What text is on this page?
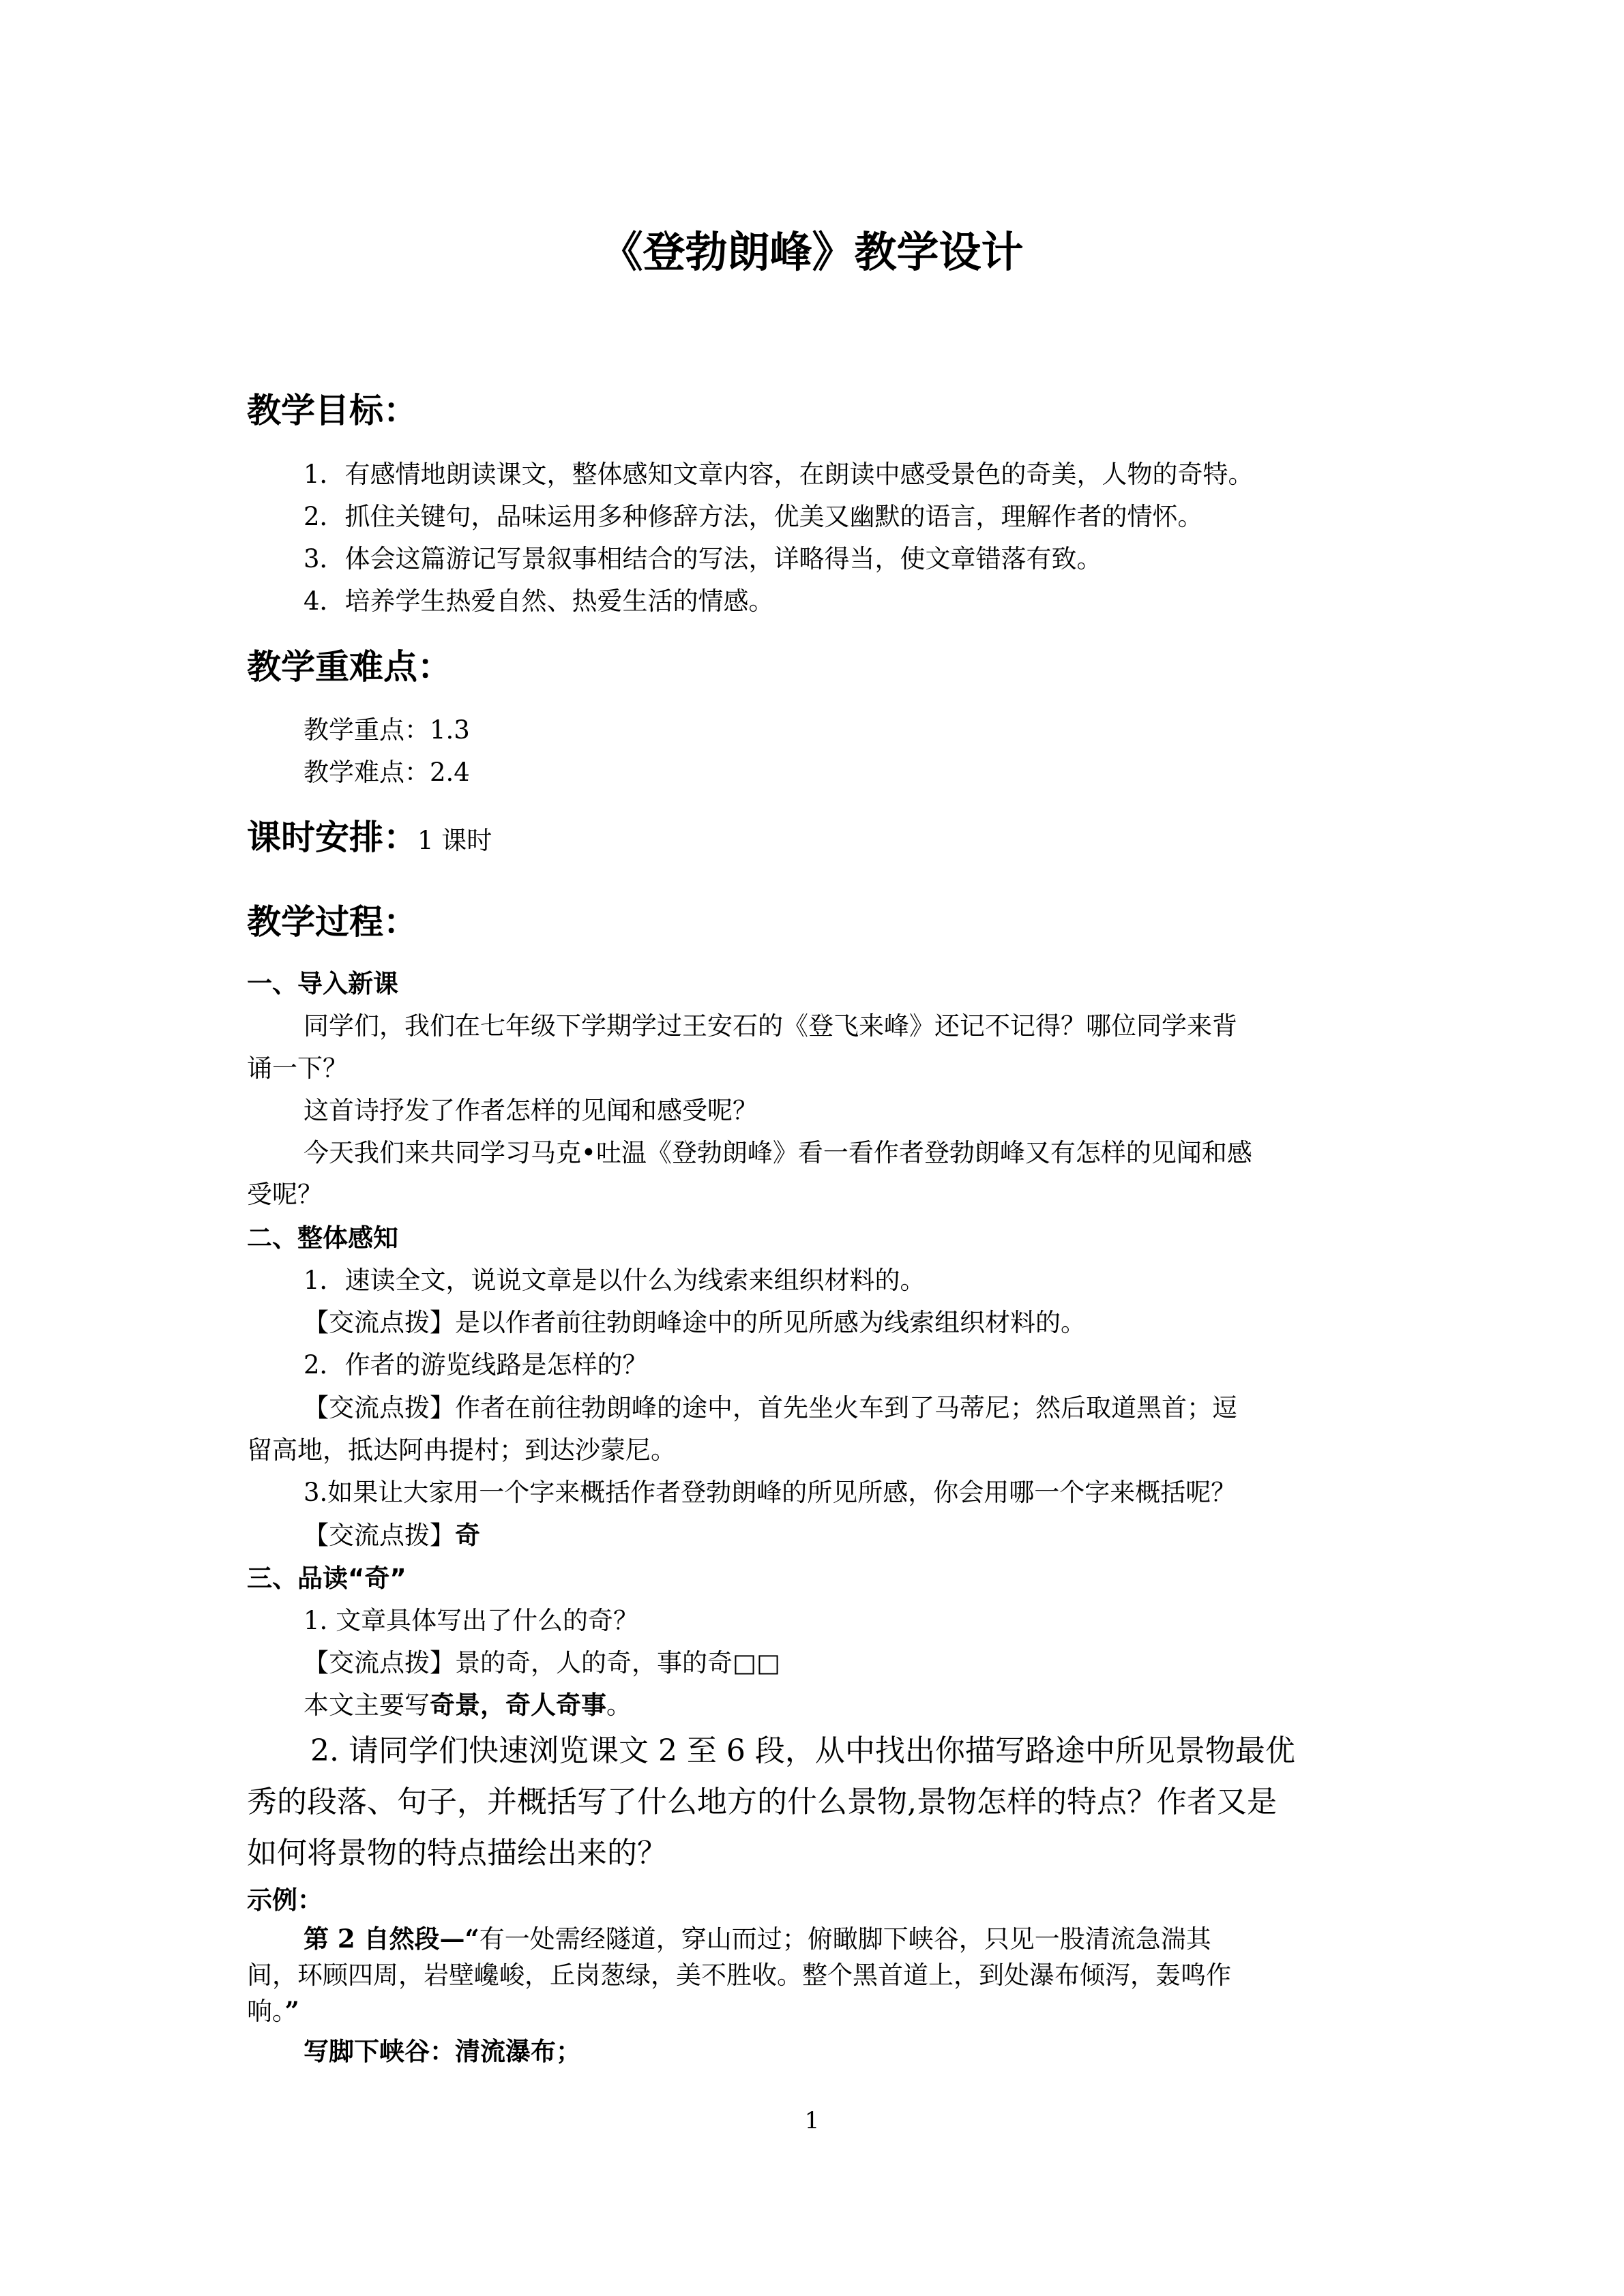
《登勃朗峰》教学设计
教学目标：
1．有感情地朗读课文，整体感知文章内容，在朗读中感受景色的奇美，人物的奇特。
2．抓住关键句，品味运用多种修辞方法，优美又幽默的语言，理解作者的情怀。
3．体会这篇游记写景叙事相结合的写法，详略得当，使文章错落有致。
4．培养学生热爱自然、热爱生活的情感。
教学重难点：
教学重点：1.3
教学难点：2.4
课时安排：1 课时
教学过程：
一、导入新课
同学们，我们在七年级下学期学过王安石的《登飞来峰》还记不记得？哪位同学来背
诵一下？
这首诗抒发了作者怎样的见闻和感受呢？
今天我们来共同学习马克•吐温《登勃朗峰》看一看作者登勃朗峰又有怎样的见闻和感
受呢？
二、整体感知
1．速读全文，说说文章是以什么为线索来组织材料的。
【交流点拨】是以作者前往勃朗峰途中的所见所感为线索组织材料的。
2．作者的游览线路是怎样的？
【交流点拨】作者在前往勃朗峰的途中，首先坐火车到了马蒂尼；然后取道黑首；逗
留高地，抵达阿冉提村；到达沙蒙尼。
3.如果让大家用一个字来概括作者登勃朗峰的所见所感，你会用哪一个字来概括呢？
【交流点拨】奇
三、品读“奇”
1. 文章具体写出了什么的奇？
【交流点拨】景的奇，人的奇，事的奇□□
本文主要写奇景，奇人奇事。
2. 请同学们快速浏览课文 2 至 6 段，从中找出你描写路途中所见景物最优
秀的段落、句子，并概括写了什么地方的什么景物,景物怎样的特点？作者又是
如何将景物的特点描绘出来的？
示例：
第 2 自然段—“有一处需经隧道，穿山而过；俯瞰脚下峡谷，只见一股清流急湍其
间，环顾四周，岩壁巉峻，丘岗葱绿，美不胜收。整个黑首道上，到处瀑布倾泻，轰鸣作
响。”
写脚下峡谷：清流瀑布；
1
